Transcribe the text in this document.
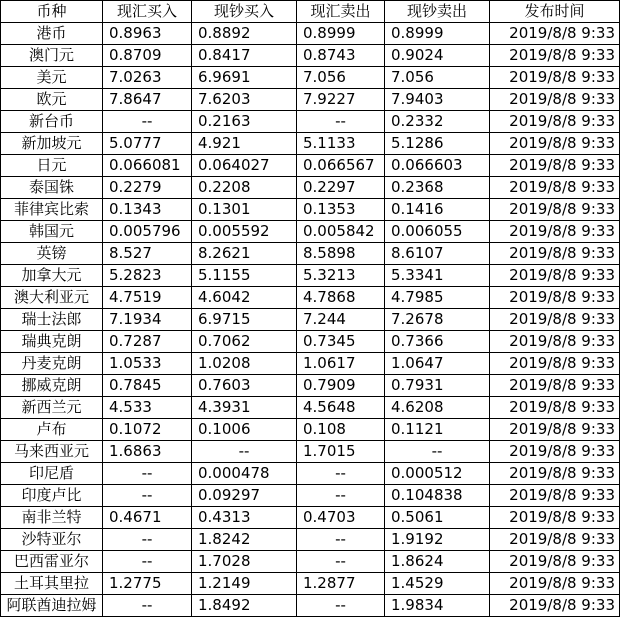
币种	现汇买入	现钞买入	现汇卖出	现钞卖出	发布时间
港币	0.8963	0.8892	0.8999	0.8999	2019/8/8 9:33
澳门元	0.8709	0.8417	0.8743	0.9024	2019/8/8 9:33
美元	7.0263	6.9691	7.056	7.056	2019/8/8 9:33
欧元	7.8647	7.6203	7.9227	7.9403	2019/8/8 9:33
新台币	--	0.2163	--	0.2332	2019/8/8 9:33
新加坡元	5.0777	4.921	5.1133	5.1286	2019/8/8 9:33
日元	0.066081	0.064027	0.066567	0.066603	2019/8/8 9:33
泰国铢	0.2279	0.2208	0.2297	0.2368	2019/8/8 9:33
菲律宾比索	0.1343	0.1301	0.1353	0.1416	2019/8/8 9:33
韩国元	0.005796	0.005592	0.005842	0.006055	2019/8/8 9:33
英镑	8.527	8.2621	8.5898	8.6107	2019/8/8 9:33
加拿大元	5.2823	5.1155	5.3213	5.3341	2019/8/8 9:33
澳大利亚元	4.7519	4.6042	4.7868	4.7985	2019/8/8 9:33
瑞士法郎	7.1934	6.9715	7.244	7.2678	2019/8/8 9:33
瑞典克朗	0.7287	0.7062	0.7345	0.7366	2019/8/8 9:33
丹麦克朗	1.0533	1.0208	1.0617	1.0647	2019/8/8 9:33
挪威克朗	0.7845	0.7603	0.7909	0.7931	2019/8/8 9:33
新西兰元	4.533	4.3931	4.5648	4.6208	2019/8/8 9:33
卢布	0.1072	0.1006	0.108	0.1121	2019/8/8 9:33
马来西亚元	1.6863	--	1.7015	--	2019/8/8 9:33
印尼盾	--	0.000478	--	0.000512	2019/8/8 9:33
印度卢比	--	0.09297	--	0.104838	2019/8/8 9:33
南非兰特	0.4671	0.4313	0.4703	0.5061	2019/8/8 9:33
沙特亚尔	--	1.8242	--	1.9192	2019/8/8 9:33
巴西雷亚尔	--	1.7028	--	1.8624	2019/8/8 9:33
土耳其里拉	1.2775	1.2149	1.2877	1.4529	2019/8/8 9:33
阿联酋迪拉姆	--	1.8492	--	1.9834	2019/8/8 9:33
